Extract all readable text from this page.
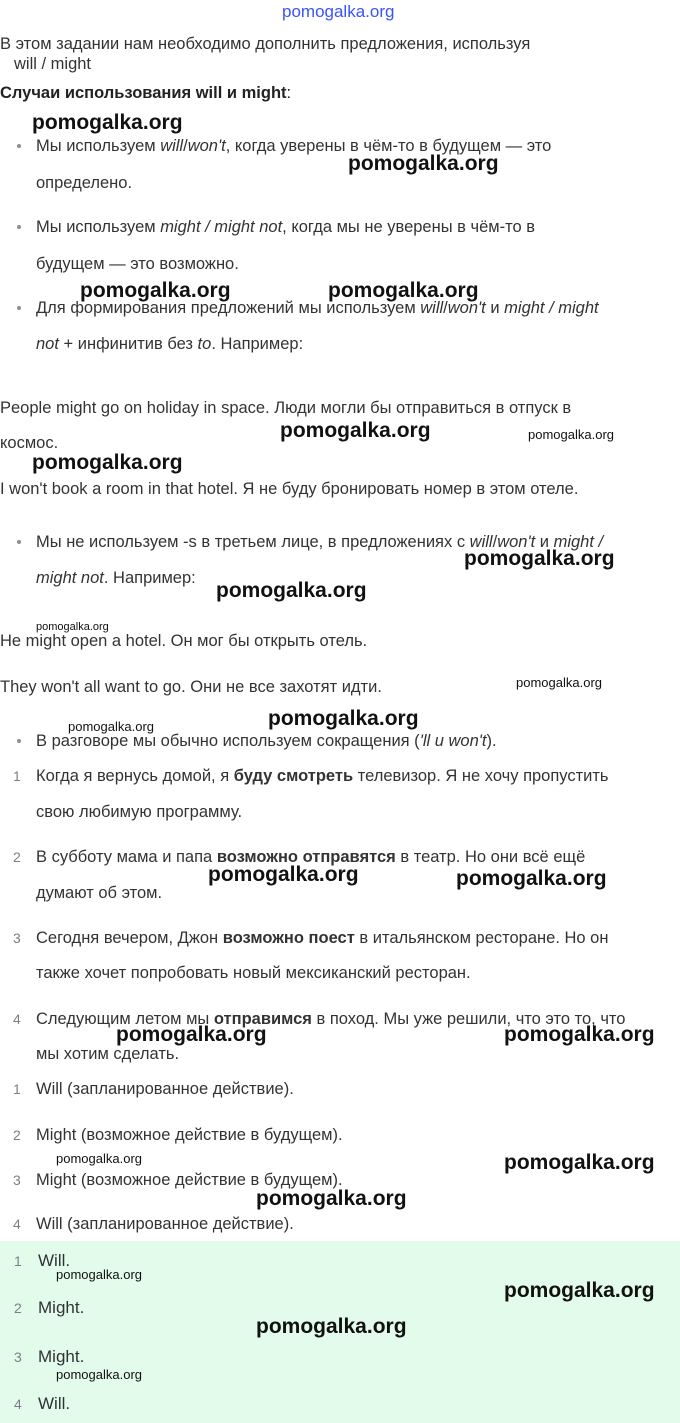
pomogalka.org
В этом задании нам необходимо дополнить предложения, используя
will / might
Случаи использования will и might:
Мы используем will/won't, когда уверены в чём-то в будущем — это
определено.
Мы используем might / might not, когда мы не уверены в чём-то в
будущем — это возможно.
Для формирования предложений мы используем will/won't и might / might
not + инфинитив без to. Например:
People might go on holiday in space. Люди могли бы отправиться в отпуск в
космос.
I won't book a room in that hotel. Я не буду бронировать номер в этом отеле.
Мы не используем -s в третьем лице, в предложениях с will/won't и might /
might not. Например:
He might open a hotel. Он мог бы открыть отель.
They won't all want to go. Они не все захотят идти.
В разговоре мы обычно используем сокращения ('ll и won't).
1 Когда я вернусь домой, я буду смотреть телевизор. Я не хочу пропустить
свою любимую программу.
2 В субботу мама и папа возможно отправятся в театр. Но они всё ещё
думают об этом.
3 Сегодня вечером, Джон возможно поест в итальянском ресторане. Но он
также хочет попробовать новый мексиканский ресторан.
4 Следующим летом мы отправимся в поход. Мы уже решили, что это то, что
мы хотим сделать.
1 Will (запланированное действие).
2 Might (возможное действие в будущем).
3 Might (возможное действие в будущем).
4 Will (запланированное действие).
1 Will.
2 Might.
3 Might.
4 Will.
pomogalka.org
pomogalka.org
pomogalka.org	pomogalka.org
pomogalka.org
pomogalka.org
pomogalka.org
pomogalka.org
pomogalka.org
pomogalka.org	pomogalka.org
pomogalka.org	pomogalka.org
pomogalka.org
pomogalka.org
pomogalka.org
pomogalka.org
pomogalka.org
pomogalka.org
pomogalka.org
pomogalka.org
pomogalka.org
pomogalka.org
pomogalka.org
